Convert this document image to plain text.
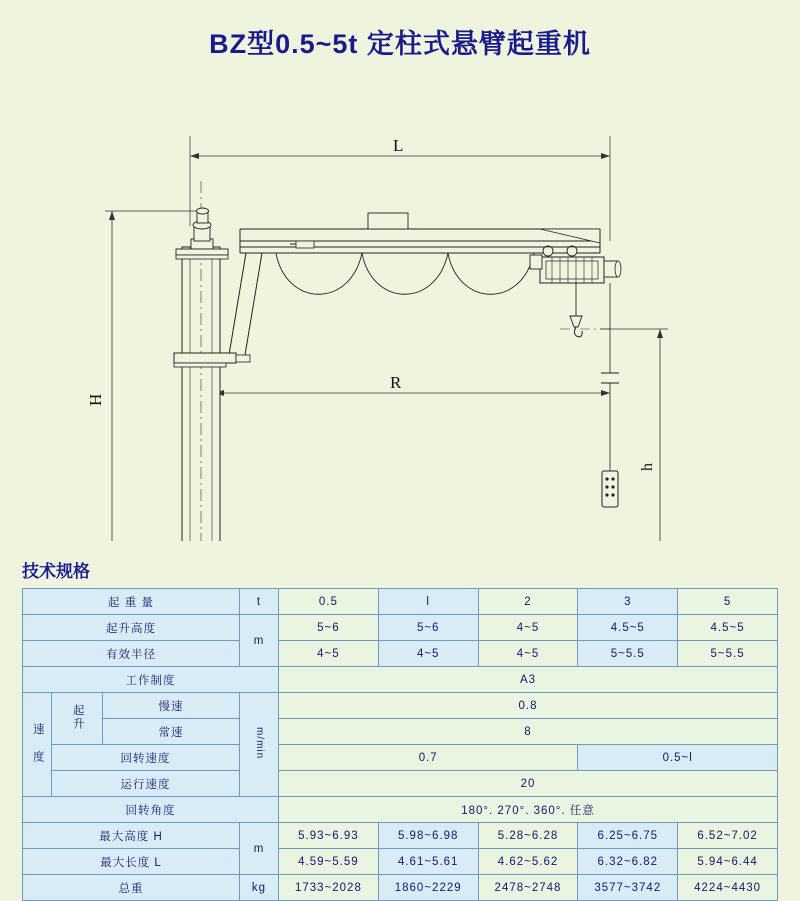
BZ型0.5~5t 定柱式悬臂起重机
L
R
H
h
技术规格
起 重 量			t	0.5	l	2	3	5
起升高度			m	5~6	5~6	4~5	4.5~5	4.5~5
有效半径				4~5	4~5	4~5	5~5.5	5~5.5
工作制度				A3				
速 度	起升	慢速	m/min	0.8				
		常速		8				
	回转速度			0.7			0.5~l	
	运行速度			20				
回转角度				180°. 270°. 360°. 任意				
最大高度 H			m	5.93~6.93	5.98~6.98	5.28~6.28	6.25~6.75	6.52~7.02
最大长度 L				4.59~5.59	4.61~5.61	4.62~5.62	6.32~6.82	5.94~6.44
总重			kg	1733~2028	1860~2229	2478~2748	3577~3742	4224~4430
